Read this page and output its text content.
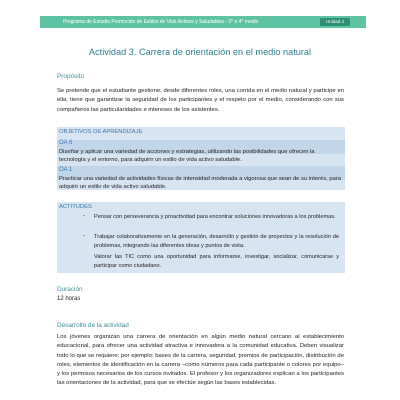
Programa de Estudio Promoción de Estilos de Vida Activos y Saludables - 3° o 4° medio	Unidad 4
Actividad 3. Carrera de orientación en el medio natural
Propósito
Se pretende que el estudiante gestione, desde diferentes roles, una corrida en el medio natural y participe en ella; tiene que garantizar la seguridad de los participantes y el respeto por el medio, considerando con sus compañeros las particularidades e intereses de los asistentes.
OBJETIVOS DE APRENDIZAJE
OA 6
Diseñar y aplicar una variedad de acciones y estrategias, utilizando las posibilidades que ofrecen la tecnología y el entorno, para adquirir un estilo de vida activo saludable.
OA 1
Practicar una variedad de actividades físicas de intensidad moderada a vigorosa que sean de su interés, para adquirir un estilo de vida activo saludable.
ACTITUDES
- Pensar con perseverancia y proactividad para encontrar soluciones innovadoras a los problemas.
- Trabajar colaborativamente en la generación, desarrollo y gestión de proyectos y la resolución de problemas, integrando las diferentes ideas y puntos de vista.
Valorar las TIC como una oportunidad para informarse, investigar, socializar, comunicarse y participar como ciudadano.
Duración
12 horas
Desarrollo de la actividad
Los jóvenes organizan una carrera de orientación en algún medio natural cercano al establecimiento educacional, para ofrecer una actividad atractiva e innovadora a la comunidad educativa. Deben visualizar todo lo que se requiere; por ejemplo: bases de la carrera, seguridad, premios de participación, distribución de roles, elementos de identificación en la carrera –como números para cada participante o colores por equipo– y los permisos necesarios de los cursos invitados. El profesor y los organizadores explican a los participantes las orientaciones de la actividad, para que se efectúe según las bases establecidas.
